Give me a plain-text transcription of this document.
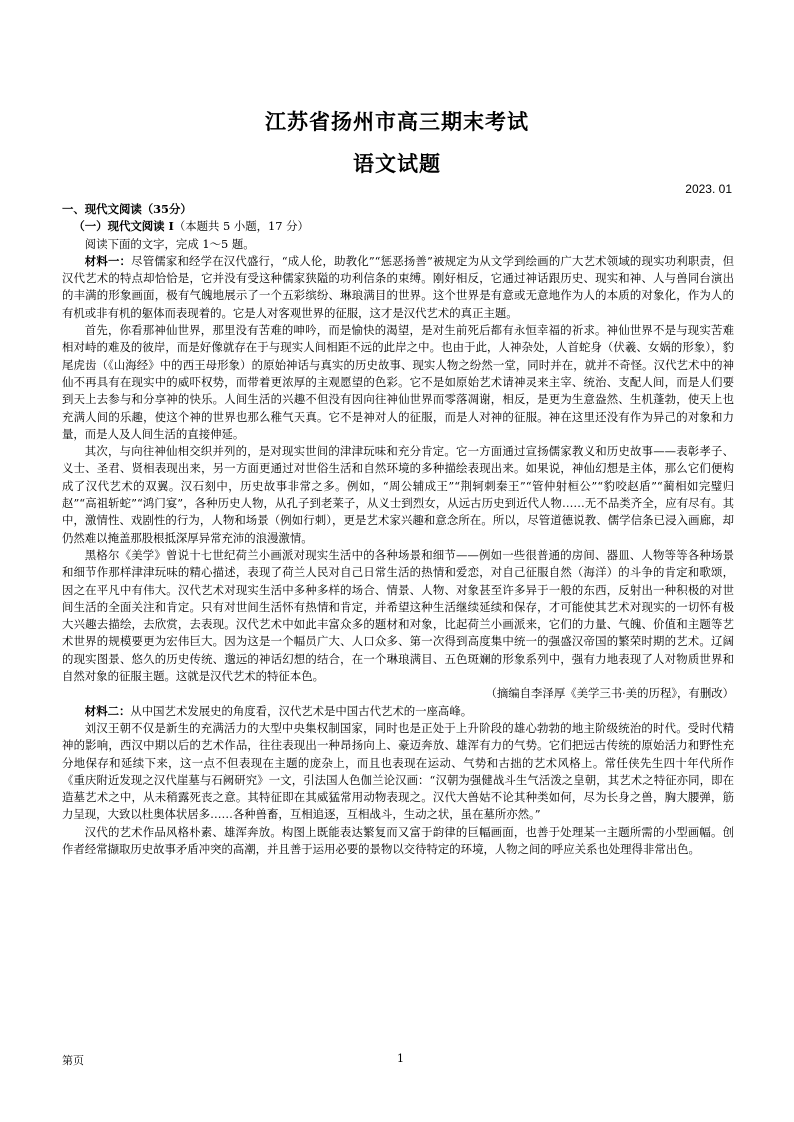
江苏省扬州市高三期末考试
语文试题
2023. 01

一、现代文阅读（35分）

（一）现代文阅读 I（本题共 5 小题，17 分）

阅读下面的文字，完成 1～5 题。

材料一：尽管儒家和经学在汉代盛行，“成人伦，助教化”“惩恶扬善”被规定为从文学到绘画的广大艺术领域的现实功利职责，但汉代艺术的特点却恰恰是，它并没有受这种儒家狭隘的功利信条的束缚。刚好相反，它通过神话跟历史、现实和神、人与兽同台演出的丰满的形象画面，极有气魄地展示了一个五彩缤纷、琳琅满目的世界。这个世界是有意或无意地作为人的本质的对象化，作为人的有机或非有机的躯体而表现着的。它是人对客观世界的征服，这才是汉代艺术的真正主题。

首先，你看那神仙世界，那里没有苦难的呻吟，而是愉快的渴望，是对生前死后都有永恒幸福的祈求。神仙世界不是与现实苦难相对峙的难及的彼岸，而是好像就存在于与现实人间相距不远的此岸之中。也由于此，人神杂处，人首蛇身（伏羲、女娲的形象），豹尾虎齿（《山海经》中的西王母形象）的原始神话与真实的历史故事、现实人物之纷然一堂，同时并在，就并不奇怪。汉代艺术中的神仙不再具有在现实中的威吓权势，而带着更浓厚的主观愿望的色彩。它不是如原始艺术请神灵来主宰、统治、支配人间，而是人们要到天上去参与和分享神的快乐。人间生活的兴趣不但没有因向往神仙世界而零落凋谢，相反，是更为生意盎然、生机蓬勃，使天上也充满人间的乐趣，使这个神的世界也那么稚气天真。它不是神对人的征服，而是人对神的征服。神在这里还没有作为异己的对象和力量，而是人及人间生活的直接伸延。

其次，与向往神仙相交织并列的，是对现实世间的津津玩味和充分肯定。它一方面通过宣扬儒家教义和历史故事——表彰孝子、义士、圣君、贤相表现出来，另一方面更通过对世俗生活和自然环境的多种描绘表现出来。如果说，神仙幻想是主体，那么它们便构成了汉代艺术的双翼。汉石刻中，历史故事非常之多。例如，“周公辅成王”“荆轲刺秦王”“管仲射桓公”“豹咬赵盾”“蔺相如完璧归赵”“高祖斩蛇”“鸿门宴”，各种历史人物，从孔子到老莱子，从义士到烈女，从远古历史到近代人物……无不品类齐全，应有尽有。其中，激情性、戏剧性的行为，人物和场景（例如行刺），更是艺术家兴趣和意念所在。所以，尽管道德说教、儒学信条已浸入画廊，却仍然难以掩盖那股根抵深厚异常充沛的浪漫激情。

黑格尔《美学》曾说十七世纪荷兰小画派对现实生活中的各种场景和细节——例如一些很普通的房间、器皿、人物等等各种场景和细节作那样津津玩味的精心描述，表现了荷兰人民对自己日常生活的热情和爱恋，对自己征服自然（海洋）的斗争的肯定和歌颂，因之在平凡中有伟大。汉代艺术对现实生活中多种多样的场合、情景、人物、对象甚至许多异于一般的东西，反射出一种积极的对世间生活的全面关注和肯定。只有对世间生活怀有热情和肯定，并希望这种生活继续延续和保存，才可能使其艺术对现实的一切怀有极大兴趣去描绘，去欣赏，去表现。汉代艺术中如此丰富众多的题材和对象，比起荷兰小画派来，它们的力量、气魄、价值和主题等艺术世界的规模要更为宏伟巨大。因为这是一个幅员广大、人口众多、第一次得到高度集中统一的强盛汉帝国的繁荣时期的艺术。辽阔的现实图景、悠久的历史传统、邈远的神话幻想的结合，在一个琳琅满目、五色斑斓的形象系列中，强有力地表现了人对物质世界和自然对象的征服主题。这就是汉代艺术的特征本色。

（摘编自李泽厚《美学三书·美的历程》，有删改）

材料二：从中国艺术发展史的角度看，汉代艺术是中国古代艺术的一座高峰。

刘汉王朝不仅是新生的充满活力的大型中央集权制国家，同时也是正处于上升阶段的雄心勃勃的地主阶级统治的时代。受时代精神的影响，西汉中期以后的艺术作品，往往表现出一种昂扬向上、豪迈奔放、雄浑有力的气势。它们把远古传统的原始活力和野性充分地保存和延续下来，这一点不但表现在主题的庞杂上，而且也表现在运动、气势和古拙的艺术风格上。常任侠先生四十年代所作《重庆附近发现之汉代崖墓与石阙研究》一文，引法国人色伽兰论汉画：“汉朝为强健战斗生气活泼之皇朝，其艺术之特征亦同，即在造墓艺术之中，从未稍露死丧之意。其特征即在其威猛常用动物表现之。汉代大兽姑不论其种类如何，尽为长身之兽，胸大腰弹，筋力呈现，大致以杜奥体状居多……各种兽畜，互相追逐，互相战斗，生动之状，虽在墓所亦然。”

汉代的艺术作品风格朴素、雄浑奔放。构图上既能表达繁复而又富于韵律的巨幅画面，也善于处理某一主题所需的小型画幅。创作者经常撷取历史故事矛盾冲突的高潮，并且善于运用必要的景物以交待特定的环境，人物之间的呼应关系也处理得非常出色。

第页	1
